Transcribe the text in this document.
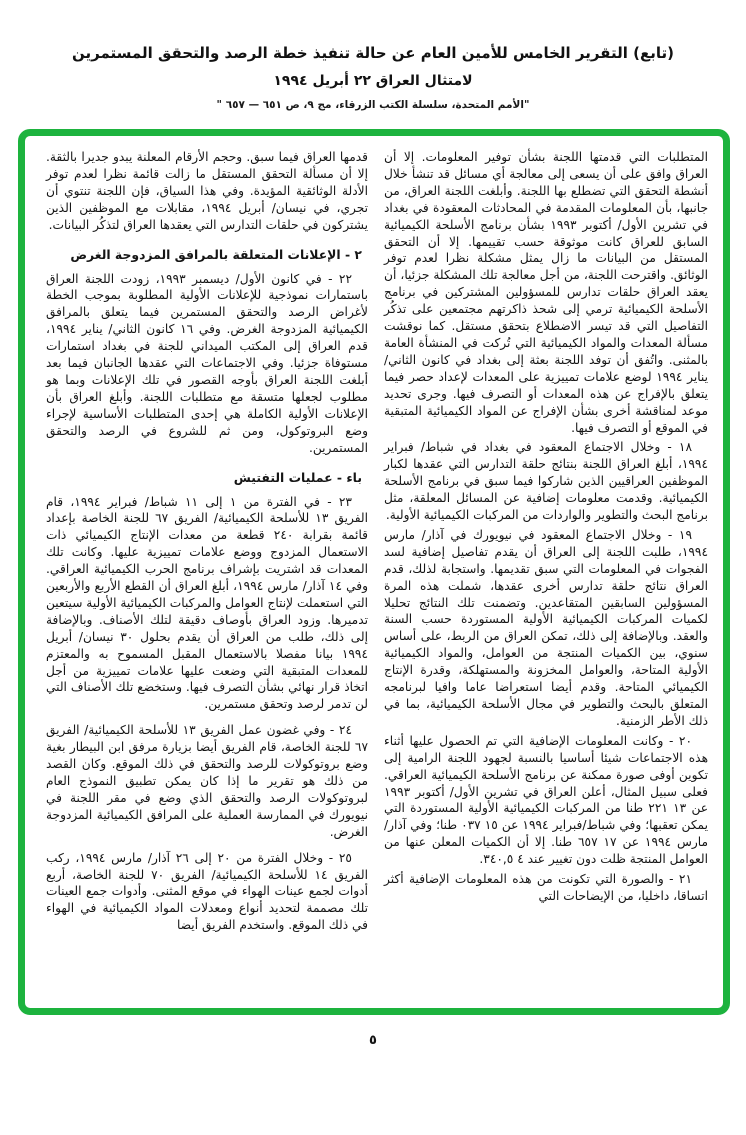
(تابع) التقرير الخامس للأمين العام عن حالة تنفيذ خطة الرصد والتحقق المستمرين
لامتثال العراق ٢٢ أبريل ١٩٩٤
"الأمم المتحدة، سلسلة الكتب الزرقاء، مج ٩، ص ٦٥١ — ٦٥٧ "

المتطلبات التي قدمتها اللجنة بشأن توفير المعلومات. إلا أن العراق وافق على أن يسعى إلى معالجة أي مسائل قد تنشأ خلال أنشطة التحقق التي تضطلع بها اللجنة. وأبلغت اللجنة العراق، من جانبها، بأن المعلومات المقدمة في المحادثات المعقودة في بغداد في تشرين الأول/ أكتوبر ١٩٩٣ بشأن برنامج الأسلحة الكيميائية السابق للعراق كانت موثوقة حسب تقييمها. إلا أن التحقق المستقل من البيانات ما زال يمثل مشكلة نظرا لعدم توفر الوثائق. واقترحت اللجنة، من أجل معالجة تلك المشكلة جزئيا، أن يعقد العراق حلقات تدارس للمسؤولين المشتركين في برنامج الأسلحة الكيميائية ترمي إلى شحذ ذاكرتهم مجتمعين على تذكُر التفاصيل التي قد تيسر الاضطلاع بتحقق مستقل. كما نوقشت مسألة المعدات والمواد الكيميائية التي تُركت في المنشأة العامة بالمثنى. واتُفق أن توفد اللجنة بعثة إلى بغداد في كانون الثاني/ يناير ١٩٩٤ لوضع علامات تمييزية على المعدات لإعداد حصر فيما يتعلق بالإفراج عن هذه المعدات أو التصرف فيها. وجرى تحديد موعد لمناقشة أخرى بشأن الإفراج عن المواد الكيميائية المتبقية في الموقع أو التصرف فيها.

١٨ - وخلال الاجتماع المعقود في بغداد في شباط/ فبراير ١٩٩٤، أبلغ العراق اللجنة بنتائج حلقة التدارس التي عقدها لكبار الموظفين العراقيين الذين شاركوا فيما سبق في برنامج الأسلحة الكيميائية. وقدمت معلومات إضافية عن المسائل المعلقة، مثل برنامج البحث والتطوير والواردات من المركبات الكيميائية الأولية.

١٩ - وخلال الاجتماع المعقود في نيويورك في آذار/ مارس ١٩٩٤، طلبت اللجنة إلى العراق أن يقدم تفاصيل إضافية لسد الفجوات في المعلومات التي سبق تقديمها. واستجابة لذلك، قدم العراق نتائج حلقة تدارس أخرى عقدها، شملت هذه المرة المسؤولين السابقين المتقاعدين. وتضمنت تلك النتائج تحليلا لكميات المركبات الكيميائية الأولية المستوردة حسب السنة والعقد. وبالإضافة إلى ذلك، تمكن العراق من الربط، على أساس سنوي، بين الكميات المنتجة من العوامل، والمواد الكيميائية الأولية المتاحة، والعوامل المخزونة والمستهلكة، وقدرة الإنتاج الكيميائي المتاحة. وقدم أيضا استعراضا عاما وافيا لبرنامجه المتعلق بالبحث والتطوير في مجال الأسلحة الكيميائية، بما في ذلك الأطر الزمنية.

٢٠ - وكانت المعلومات الإضافية التي تم الحصول عليها أثناء هذه الاجتماعات شيئا أساسيا بالنسبة لجهود اللجنة الرامية إلى تكوين أوفى صورة ممكنة عن برنامج الأسلحة الكيميائية العراقي. فعلى سبيل المثال، أعلن العراق في تشرين الأول/ أكتوبر ١٩٩٣ عن ١٣ ٢٢١ طنا من المركبات الكيميائية الأولية المستوردة التي يمكن تعقبها؛ وفي شباط/فبراير ١٩٩٤ عن ١٥ ٠٣٧ طنا؛ وفي آذار/ مارس ١٩٩٤ عن ١٧ ٦٥٧ طنا. إلا أن الكميات المعلن عنها من العوامل المنتجة ظلت دون تغيير عند ٤ ٣٤٠,٥.

٢١ - والصورة التي تكونت من هذه المعلومات الإضافية أكثر اتساقا، داخليا، من الإيضاحات التي

قدمها العراق فيما سبق. وحجم الأرقام المعلنة يبدو جديرا بالثقة. إلا أن مسألة التحقق المستقل ما زالت قائمة نظرا لعدم توفر الأدلة الوثائقية المؤيدة. وفي هذا السياق، فإن اللجنة تنتوي أن تجري، في نيسان/ أبريل ١٩٩٤، مقابلات مع الموظفين الذين يشتركون في حلقات التدارس التي يعقدها العراق لتذكُر البيانات.

٢ - الإعلانات المتعلقة بالمرافق المزدوجة الغرض

٢٢ - في كانون الأول/ ديسمبر ١٩٩٣، زودت اللجنة العراق باستمارات نموذجية للإعلانات الأولية المطلوبة بموجب الخطة لأغراض الرصد والتحقق المستمرين فيما يتعلق بالمرافق الكيميائية المزدوجة الغرض. وفي ١٦ كانون الثاني/ يناير ١٩٩٤، قدم العراق إلى المكتب الميداني للجنة في بغداد استمارات مستوفاة جزئيا. وفي الاجتماعات التي عقدها الجانبان فيما بعد أبلغت اللجنة العراق بأوجه القصور في تلك الإعلانات وبما هو مطلوب لجعلها متسقة مع متطلبات اللجنة. وأبلغ العراق بأن الإعلانات الأولية الكاملة هي إحدى المتطلبات الأساسية لإجراء وضع البروتوكول، ومن ثم للشروع في الرصد والتحقق المستمرين.

باء - عمليات التفتيش

٢٣ - في الفترة من ١ إلى ١١ شباط/ فبراير ١٩٩٤، قام الفريق ١٣ للأسلحة الكيميائية/ الفريق ٦٧ للجنة الخاصة بإعداد قائمة بقرابة ٢٤٠ قطعة من معدات الإنتاج الكيميائي ذات الاستعمال المزدوج ووضع علامات تمييزية عليها. وكانت تلك المعدات قد اشتريت بإشراف برنامج الحرب الكيميائية العراقي. وفي ١٤ آذار/ مارس ١٩٩٤، أبلغ العراق أن القطع الأربع والأربعين التي استعملت لإنتاج العوامل والمركبات الكيميائية الأولية سيتعين تدميرها. وزود العراق بأوصاف دقيقة لتلك الأصناف. وبالإضافة إلى ذلك، طلب من العراق أن يقدم بحلول ٣٠ نيسان/ أبريل ١٩٩٤ بيانا مفصلا بالاستعمال المقبل المسموح به والمعتزم للمعدات المتبقية التي وضعت عليها علامات تمييزية من أجل اتخاذ قرار نهائي بشأن التصرف فيها. وستخضع تلك الأصناف التي لن تدمر لرصد وتحقق مستمرين.

٢٤ - وفي غضون عمل الفريق ١٣ للأسلحة الكيميائية/ الفريق ٦٧ للجنة الخاصة، قام الفريق أيضا بزيارة مرفق ابن البيطار بغية وضع بروتوكولات للرصد والتحقق في ذلك الموقع. وكان القصد من ذلك هو تقرير ما إذا كان يمكن تطبيق النموذج العام لبروتوكولات الرصد والتحقق الذي وضع في مقر اللجنة في نيويورك في الممارسة العملية على المرافق الكيميائية المزدوجة الغرض.

٢٥ - وخلال الفترة من ٢٠ إلى ٢٦ آذار/ مارس ١٩٩٤، ركب الفريق ١٤ للأسلحة الكيميائية/ الفريق ٧٠ للجنة الخاصة، أربع أدوات لجمع عينات الهواء في موقع المثنى. وأدوات جمع العينات تلك مصممة لتحديد أنواع ومعدلات المواد الكيميائية في الهواء في ذلك الموقع. واستخدم الفريق أيضا

٥
